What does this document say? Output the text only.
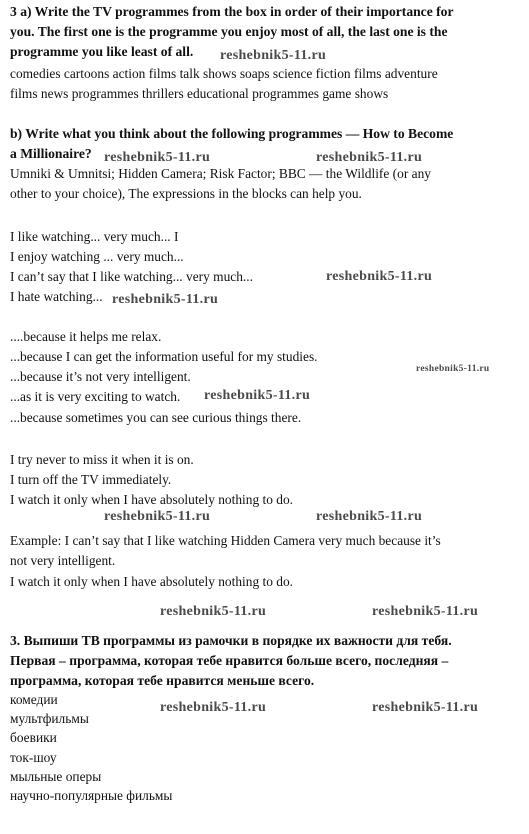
3 a) Write the TV programmes from the box in order of their importance for
you. The first one is the programme you enjoy most of all, the last one is the
programme you like least of all.
comedies cartoons action films talk shows soaps science fiction films adventure
films news programmes thrillers educational programmes game shows
b) Write what you think about the following programmes — How to Become
a Millionaire?
Umniki & Umnitsi; Hidden Camera; Risk Factor; BBC — the Wildlife (or any
other to your choice), The expressions in the blocks can help you.
I like watching... very much... I
I enjoy watching ... very much...
I can’t say that I like watching... very much...
I hate watching...
....because it helps me relax.
...because I can get the information useful for my studies.
...because it’s not very intelligent.
...as it is very exciting to watch.
...because sometimes you can see curious things there.
I try never to miss it when it is on.
I turn off the TV immediately.
I watch it only when I have absolutely nothing to do.
Example: I can’t say that I like watching Hidden Camera very much because it’s
not very intelligent.
I watch it only when I have absolutely nothing to do.
3. Выпиши ТВ программы из рамочки в порядке их важности для тебя.
Первая – программа, которая тебе нравится больше всего, последняя –
программа, которая тебе нравится меньше всего.
комедии
мультфильмы
боевики
ток-шоу
мыльные оперы
научно-популярные фильмы
reshebnik5-11.ru
reshebnik5-11.ru	reshebnik5-11.ru
reshebnik5-11.ru
reshebnik5-11.ru
reshebnik5-11.ru
reshebnik5-11.ru
reshebnik5-11.ru	reshebnik5-11.ru
reshebnik5-11.ru	reshebnik5-11.ru
reshebnik5-11.ru	reshebnik5-11.ru
